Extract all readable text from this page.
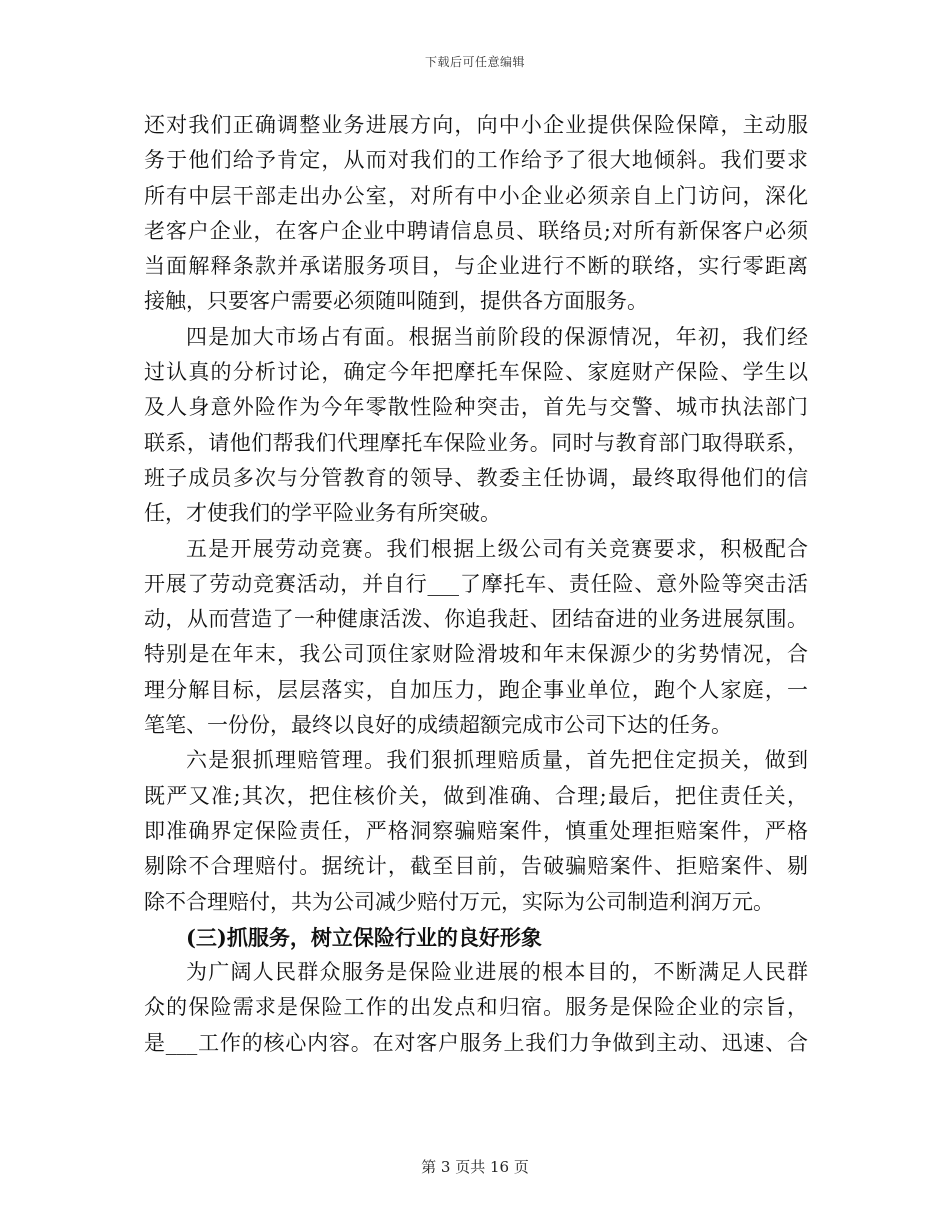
下载后可任意编辑
还对我们正确调整业务进展方向，向中小企业提供保险保障，主动服
务于他们给予肯定，从而对我们的工作给予了很大地倾斜。我们要求
所有中层干部走出办公室，对所有中小企业必须亲自上门访问，深化
老客户企业，在客户企业中聘请信息员、联络员;对所有新保客户必须
当面解释条款并承诺服务项目，与企业进行不断的联络，实行零距离
接触，只要客户需要必须随叫随到，提供各方面服务。
四是加大市场占有面。根据当前阶段的保源情况，年初，我们经
过认真的分析讨论，确定今年把摩托车保险、家庭财产保险、学生以
及人身意外险作为今年零散性险种突击，首先与交警、城市执法部门
联系，请他们帮我们代理摩托车保险业务。同时与教育部门取得联系，
班子成员多次与分管教育的领导、教委主任协调，最终取得他们的信
任，才使我们的学平险业务有所突破。
五是开展劳动竞赛。我们根据上级公司有关竞赛要求，积极配合
开展了劳动竞赛活动，并自行___了摩托车、责任险、意外险等突击活
动，从而营造了一种健康活泼、你追我赶、团结奋进的业务进展氛围。
特别是在年末，我公司顶住家财险滑坡和年末保源少的劣势情况，合
理分解目标，层层落实，自加压力，跑企事业单位，跑个人家庭，一
笔笔、一份份，最终以良好的成绩超额完成市公司下达的任务。
六是狠抓理赔管理。我们狠抓理赔质量，首先把住定损关，做到
既严又准;其次，把住核价关，做到准确、合理;最后，把住责任关，
即准确界定保险责任，严格洞察骗赔案件，慎重处理拒赔案件，严格
剔除不合理赔付。据统计，截至目前，告破骗赔案件、拒赔案件、剔
除不合理赔付，共为公司减少赔付万元，实际为公司制造利润万元。
(三)抓服务，树立保险行业的良好形象
为广阔人民群众服务是保险业进展的根本目的，不断满足人民群
众的保险需求是保险工作的出发点和归宿。服务是保险企业的宗旨，
是___工作的核心内容。在对客户服务上我们力争做到主动、迅速、合
第 3 页共 16 页
